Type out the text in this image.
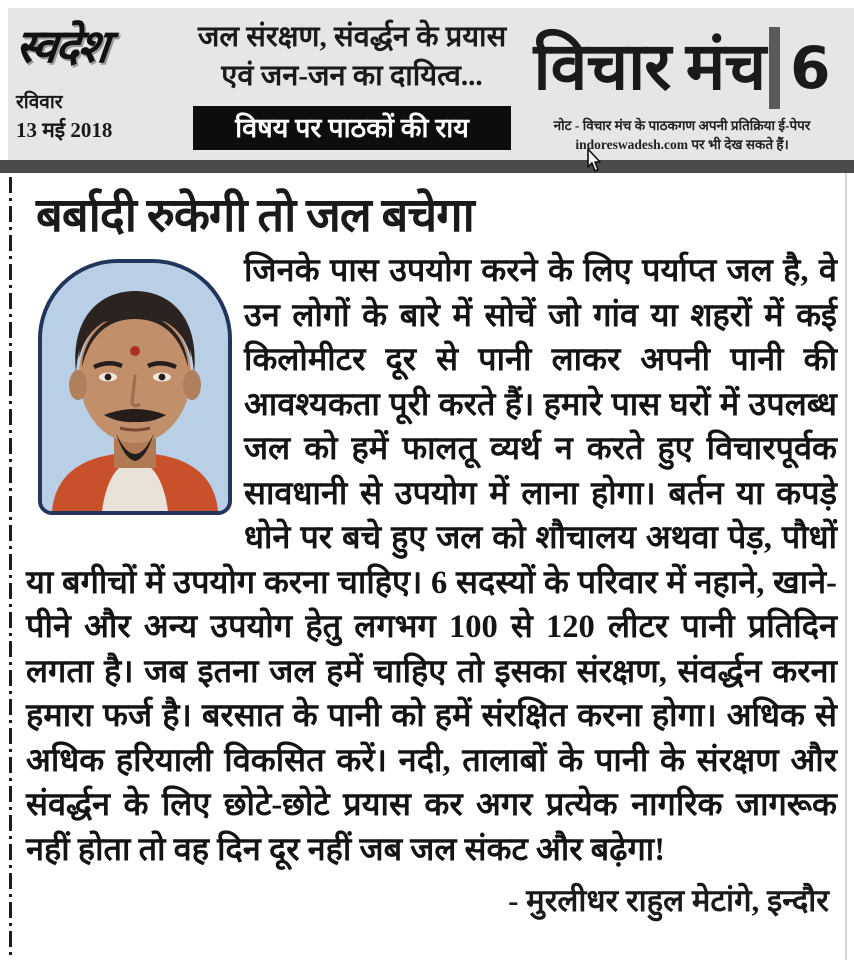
स्वदेश
रविवार
13 मई 2018
जल संरक्षण, संवर्द्धन के प्रयास
एवं जन-जन का दायित्व...
विषय पर पाठकों की राय
विचार मंच 6
नोट - विचार मंच के पाठकगण अपनी प्रतिक्रिया ई-पेपर
indoreswadesh.com पर भी देख सकते हैं।
बर्बादी रुकेगी तो जल बचेगा

जिनके पास उपयोग करने के लिए पर्याप्त जल है, वे उन लोगों के बारे में सोचें जो गांव या शहरों में कई किलोमीटर दूर से पानी लाकर अपनी पानी की आवश्यकता पूरी करते हैं। हमारे पास घरों में उपलब्ध जल को हमें फालतू व्यर्थ न करते हुए विचारपूर्वक सावधानी से उपयोग में लाना होगा। बर्तन या कपड़े धोने पर बचे हुए जल को शौचालय अथवा पेड़, पौधों या बगीचों में उपयोग करना चाहिए। 6 सदस्यों के परिवार में नहाने, खाने-पीने और अन्य उपयोग हेतु लगभग 100 से 120 लीटर पानी प्रतिदिन लगता है। जब इतना जल हमें चाहिए तो इसका संरक्षण, संवर्द्धन करना हमारा फर्ज है। बरसात के पानी को हमें संरक्षित करना होगा। अधिक से अधिक हरियाली विकसित करें। नदी, तालाबों के पानी के संरक्षण और संवर्द्धन के लिए छोटे-छोटे प्रयास कर अगर प्रत्येक नागरिक जागरूक नहीं होता तो वह दिन दूर नहीं जब जल संकट और बढ़ेगा!

- मुरलीधर राहुल मेटांगे, इन्दौर
